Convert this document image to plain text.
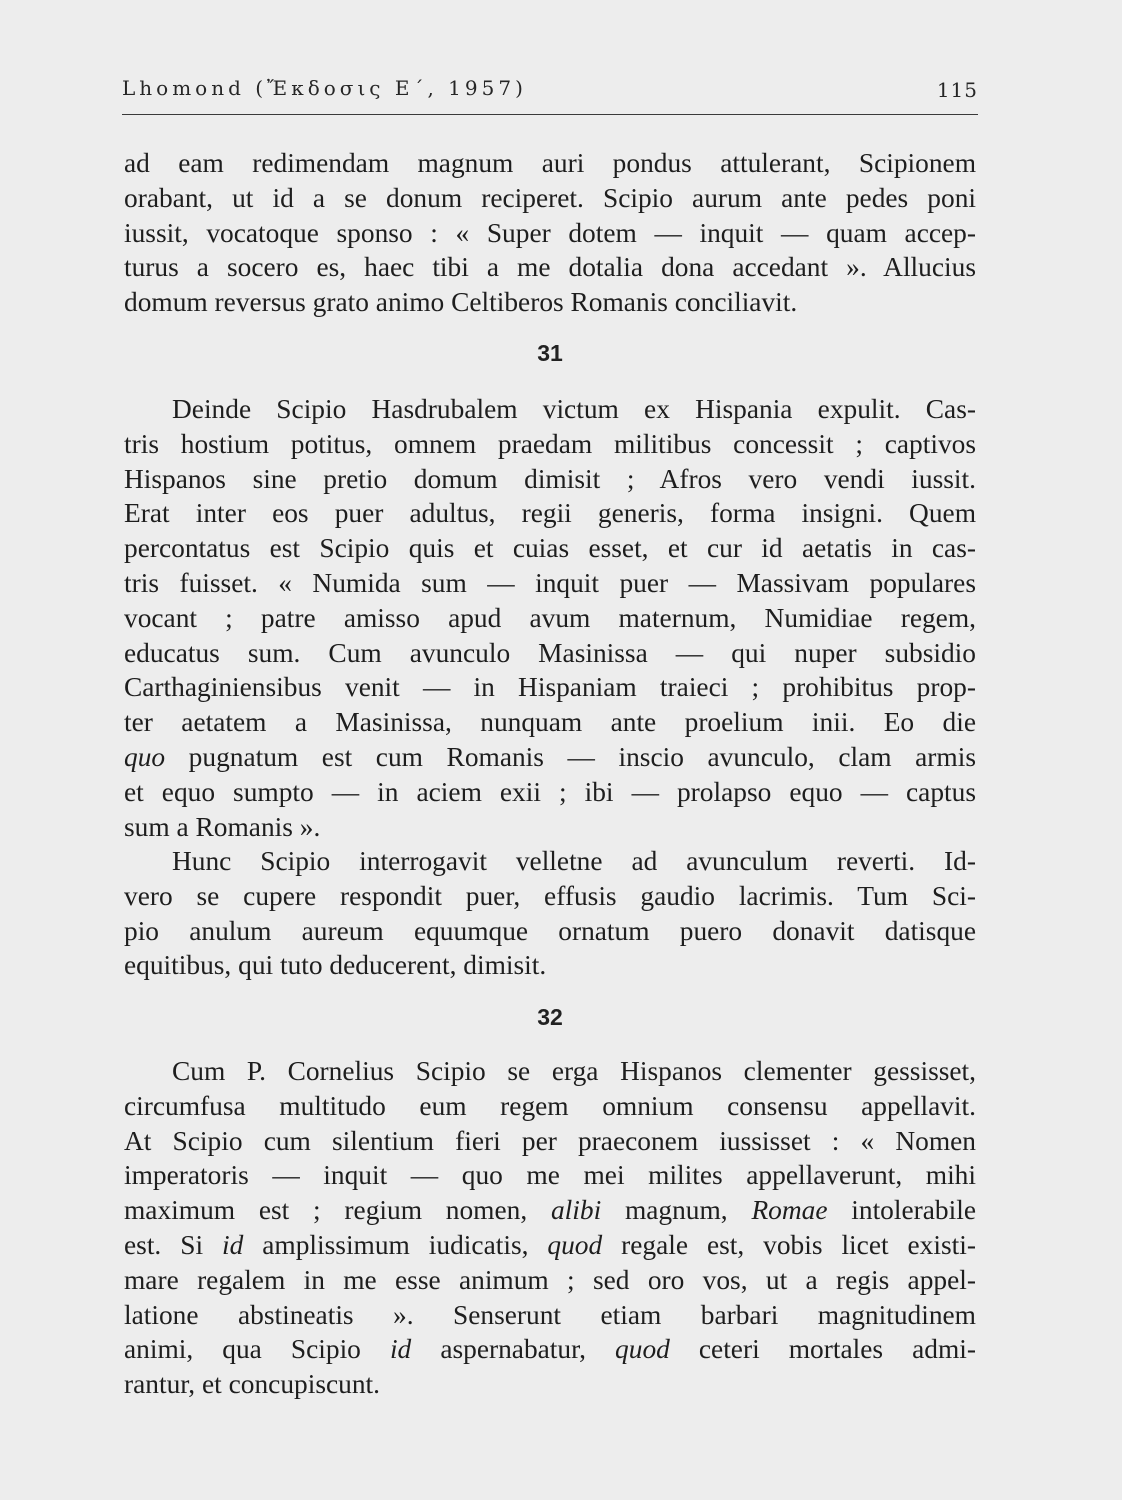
Lhomond (Ἔκδοσις Ε΄, 1957)	115
ad eam redimendam magnum auri pondus attulerant, Scipionem
orabant, ut id a se donum reciperet. Scipio aurum ante pedes poni
iussit, vocatoque sponso : « Super dotem — inquit — quam accep-
turus a socero es, haec tibi a me dotalia dona accedant ». Allucius
domum reversus grato animo Celtiberos Romanis conciliavit.
31
Deinde Scipio Hasdrubalem victum ex Hispania expulit. Cas-
tris hostium potitus, omnem praedam militibus concessit ; captivos
Hispanos sine pretio domum dimisit ; Afros vero vendi iussit.
Erat inter eos puer adultus, regii generis, forma insigni. Quem
percontatus est Scipio quis et cuias esset, et cur id aetatis in cas-
tris fuisset. « Numida sum — inquit puer — Massivam populares
vocant ; patre amisso apud avum maternum, Numidiae regem,
educatus sum. Cum avunculo Masinissa — qui nuper subsidio
Carthaginiensibus venit — in Hispaniam traieci ; prohibitus prop-
ter aetatem a Masinissa, nunquam ante proelium inii. Eo die
quo pugnatum est cum Romanis — inscio avunculo, clam armis
et equo sumpto — in aciem exii ; ibi — prolapso equo — captus
sum a Romanis ».
Hunc Scipio interrogavit velletne ad avunculum reverti. Id-
vero se cupere respondit puer, effusis gaudio lacrimis. Tum Sci-
pio anulum aureum equumque ornatum puero donavit datisque
equitibus, qui tuto deducerent, dimisit.
32
Cum P. Cornelius Scipio se erga Hispanos clementer gessisset,
circumfusa multitudo eum regem omnium consensu appellavit.
At Scipio cum silentium fieri per praeconem iussisset : « Nomen
imperatoris — inquit — quo me mei milites appellaverunt, mihi
maximum est ; regium nomen, alibi magnum, Romae intolerabile
est. Si id amplissimum iudicatis, quod regale est, vobis licet existi-
mare regalem in me esse animum ; sed oro vos, ut a regis appel-
latione abstineatis ». Senserunt etiam barbari magnitudinem
animi, qua Scipio id aspernabatur, quod ceteri mortales admi-
rantur, et concupiscunt.
